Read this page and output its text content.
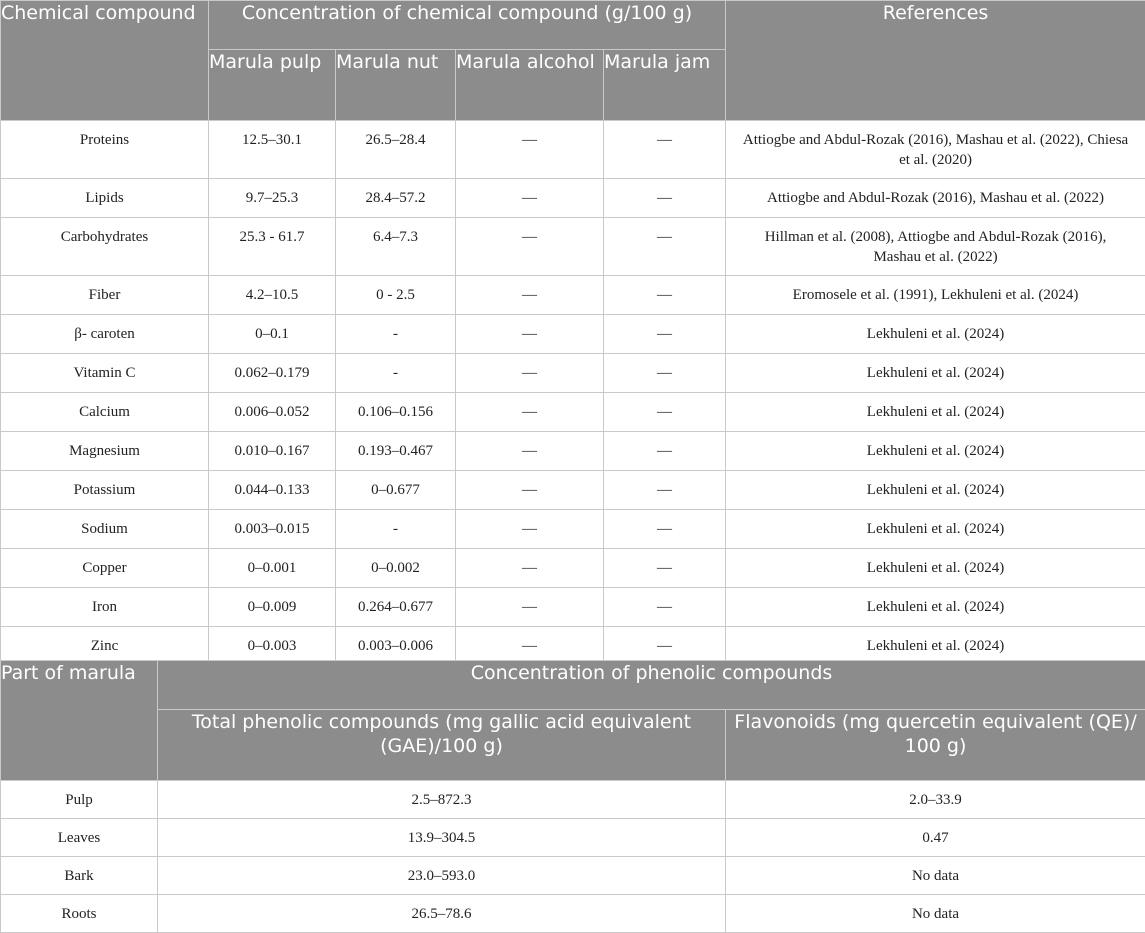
Chemical compound	Concentration of chemical compound (g/100 g)				References
	Marula pulp	Marula nut	Marula alcohol	Marula jam	
Proteins	12.5–30.1	26.5–28.4	—	—	Attiogbe and Abdul-Rozak (2016), Mashau et al. (2022), Chiesa et al. (2020)
Lipids	9.7–25.3	28.4–57.2	—	—	Attiogbe and Abdul-Rozak (2016), Mashau et al. (2022)
Carbohydrates	25.3 - 61.7	6.4–7.3	—	—	Hillman et al. (2008), Attiogbe and Abdul-Rozak (2016), Mashau et al. (2022)
Fiber	4.2–10.5	0 - 2.5	—	—	Eromosele et al. (1991), Lekhuleni et al. (2024)
β- caroten	0–0.1	-	—	—	Lekhuleni et al. (2024)
Vitamin C	0.062–0.179	-	—	—	Lekhuleni et al. (2024)
Calcium	0.006–0.052	0.106–0.156	—	—	Lekhuleni et al. (2024)
Magnesium	0.010–0.167	0.193–0.467	—	—	Lekhuleni et al. (2024)
Potassium	0.044–0.133	0–0.677	—	—	Lekhuleni et al. (2024)
Sodium	0.003–0.015	-	—	—	Lekhuleni et al. (2024)
Copper	0–0.001	0–0.002	—	—	Lekhuleni et al. (2024)
Iron	0–0.009	0.264–0.677	—	—	Lekhuleni et al. (2024)
Zinc	0–0.003	0.003–0.006	—	—	Lekhuleni et al. (2024)
Part of marula	Concentration of phenolic compounds	
	Total phenolic compounds (mg gallic acid equivalent (GAE)/100 g)	Flavonoids (mg quercetin equivalent (QE)/ 100 g)
Pulp	2.5–872.3	2.0–33.9
Leaves	13.9–304.5	0.47
Bark	23.0–593.0	No data
Roots	26.5–78.6	No data
